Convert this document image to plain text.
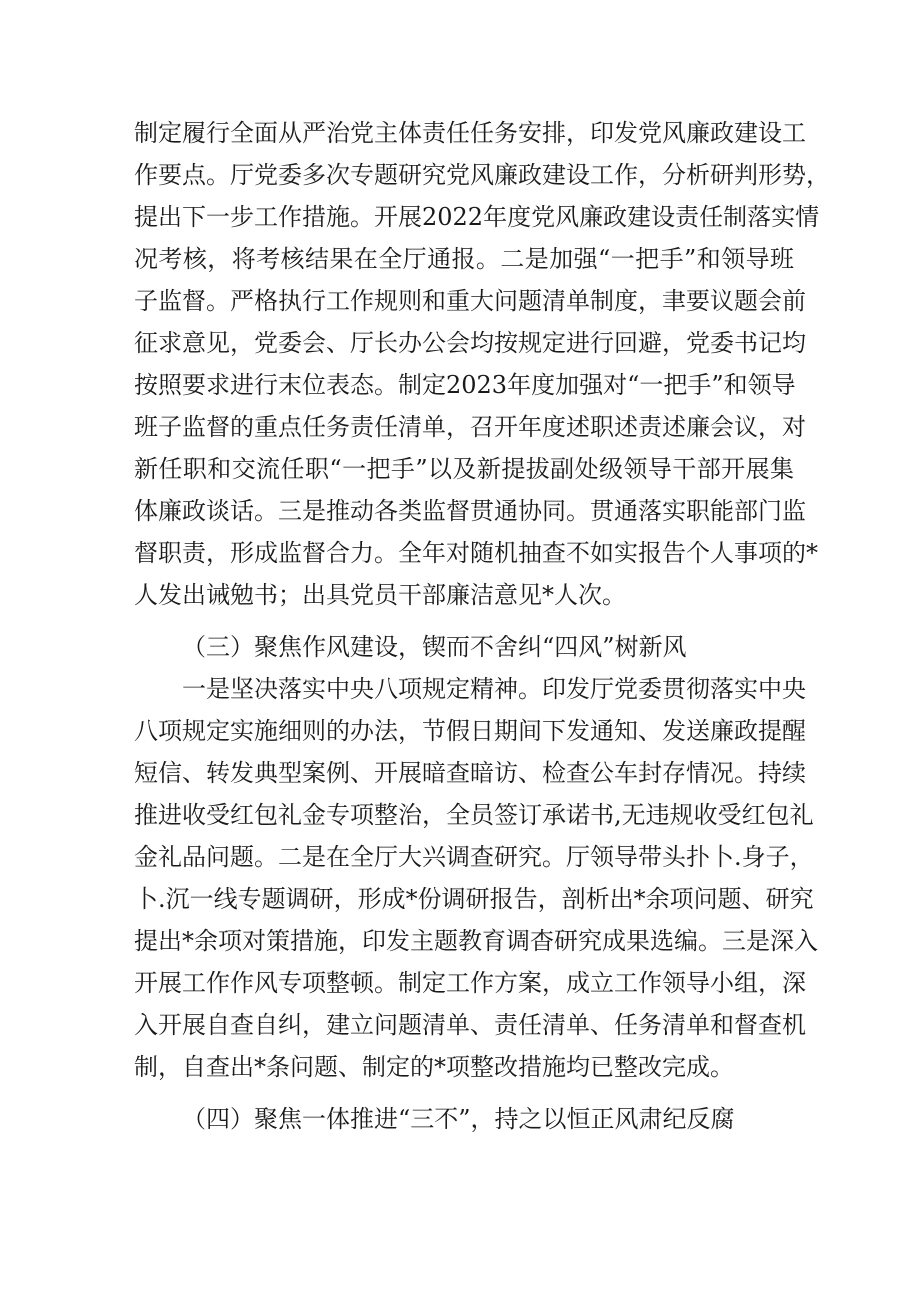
制定履行全面从严治党主体责任任务安排，印发党风廉政建设工
作要点。厅党委多次专题研究党风廉政建设工作，分析研判形势，
提出下一步工作措施。开展2022年度党风廉政建设责任制落实情
况考核，将考核结果在全厅通报。二是加强“一把手”和领导班
子监督。严格执行工作规则和重大问题清单制度，聿要议题会前
征求意见，党委会、厅长办公会均按规定进行回避，党委书记均
按照要求进行末位表态。制定2023年度加强对“一把手”和领导
班子监督的重点任务责任清单，召开年度述职述责述廉会议，对
新任职和交流任职“一把手”以及新提拔副处级领导干部开展集
体廉政谈话。三是推动各类监督贯通协同。贯通落实职能部门监
督职责，形成监督合力。全年对随机抽查不如实报告个人事项的*
人发出诫勉书；出具党员干部廉洁意见*人次。
（三）聚焦作风建设，锲而不舍纠“四风”树新风
一是坚决落实中央八项规定精神。印发厅党委贯彻落实中央
八项规定实施细则的办法，节假日期间下发通知、发送廉政提醒
短信、转发典型案例、开展暗查暗访、检查公车封存情况。持续
推进收受红包礼金专项整治，全员签订承诺书,无违规收受红包礼
金礼品问题。二是在全厅大兴调查研究。厅领导带头扑卜.身子，
卜.沉一线专题调研，形成*份调研报告，剖析出*余项问题、研究
提出*余项对策措施，印发主题教育调杳研究成果选编。三是深入
开展工作作风专项整顿。制定工作方案，成立工作领导小组，深
入开展自查自纠，建立问题清单、责任清单、任务清单和督查机
制，自查出*条问题、制定的*项整改措施均已整改完成。
（四）聚焦一体推进“三不”，持之以恒正风肃纪反腐
